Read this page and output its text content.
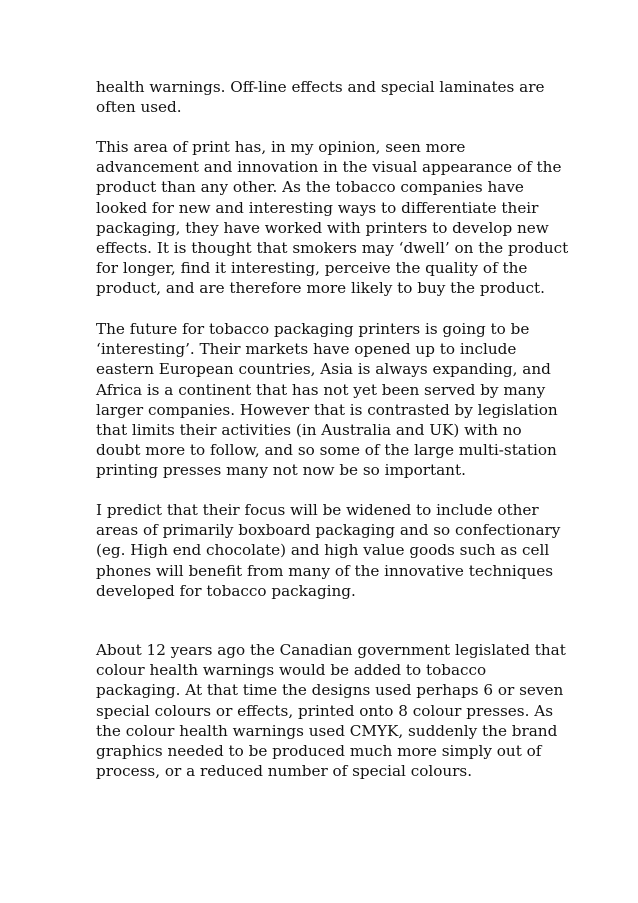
health warnings. Off-line effects and special laminates are
often used.
This area of print has, in my opinion, seen more
advancement and innovation in the visual appearance of the
product than any other. As the tobacco companies have
looked for new and interesting ways to differentiate their
packaging, they have worked with printers to develop new
effects. It is thought that smokers may ‘dwell’ on the product
for longer, find it interesting, perceive the quality of the
product, and are therefore more likely to buy the product.
The future for tobacco packaging printers is going to be
‘interesting’. Their markets have opened up to include
eastern European countries, Asia is always expanding, and
Africa is a continent that has not yet been served by many
larger companies. However that is contrasted by legislation
that limits their activities (in Australia and UK) with no
doubt more to follow, and so some of the large multi-station
printing presses many not now be so important.
I predict that their focus will be widened to include other
areas of primarily boxboard packaging and so confectionary
(eg. High end chocolate) and high value goods such as cell
phones will benefit from many of the innovative techniques
developed for tobacco packaging.
About 12 years ago the Canadian government legislated that
colour health warnings would be added to tobacco
packaging. At that time the designs used perhaps 6 or seven
special colours or effects, printed onto 8 colour presses. As
the colour health warnings used CMYK, suddenly the brand
graphics needed to be produced much more simply out of
process, or a reduced number of special colours.
